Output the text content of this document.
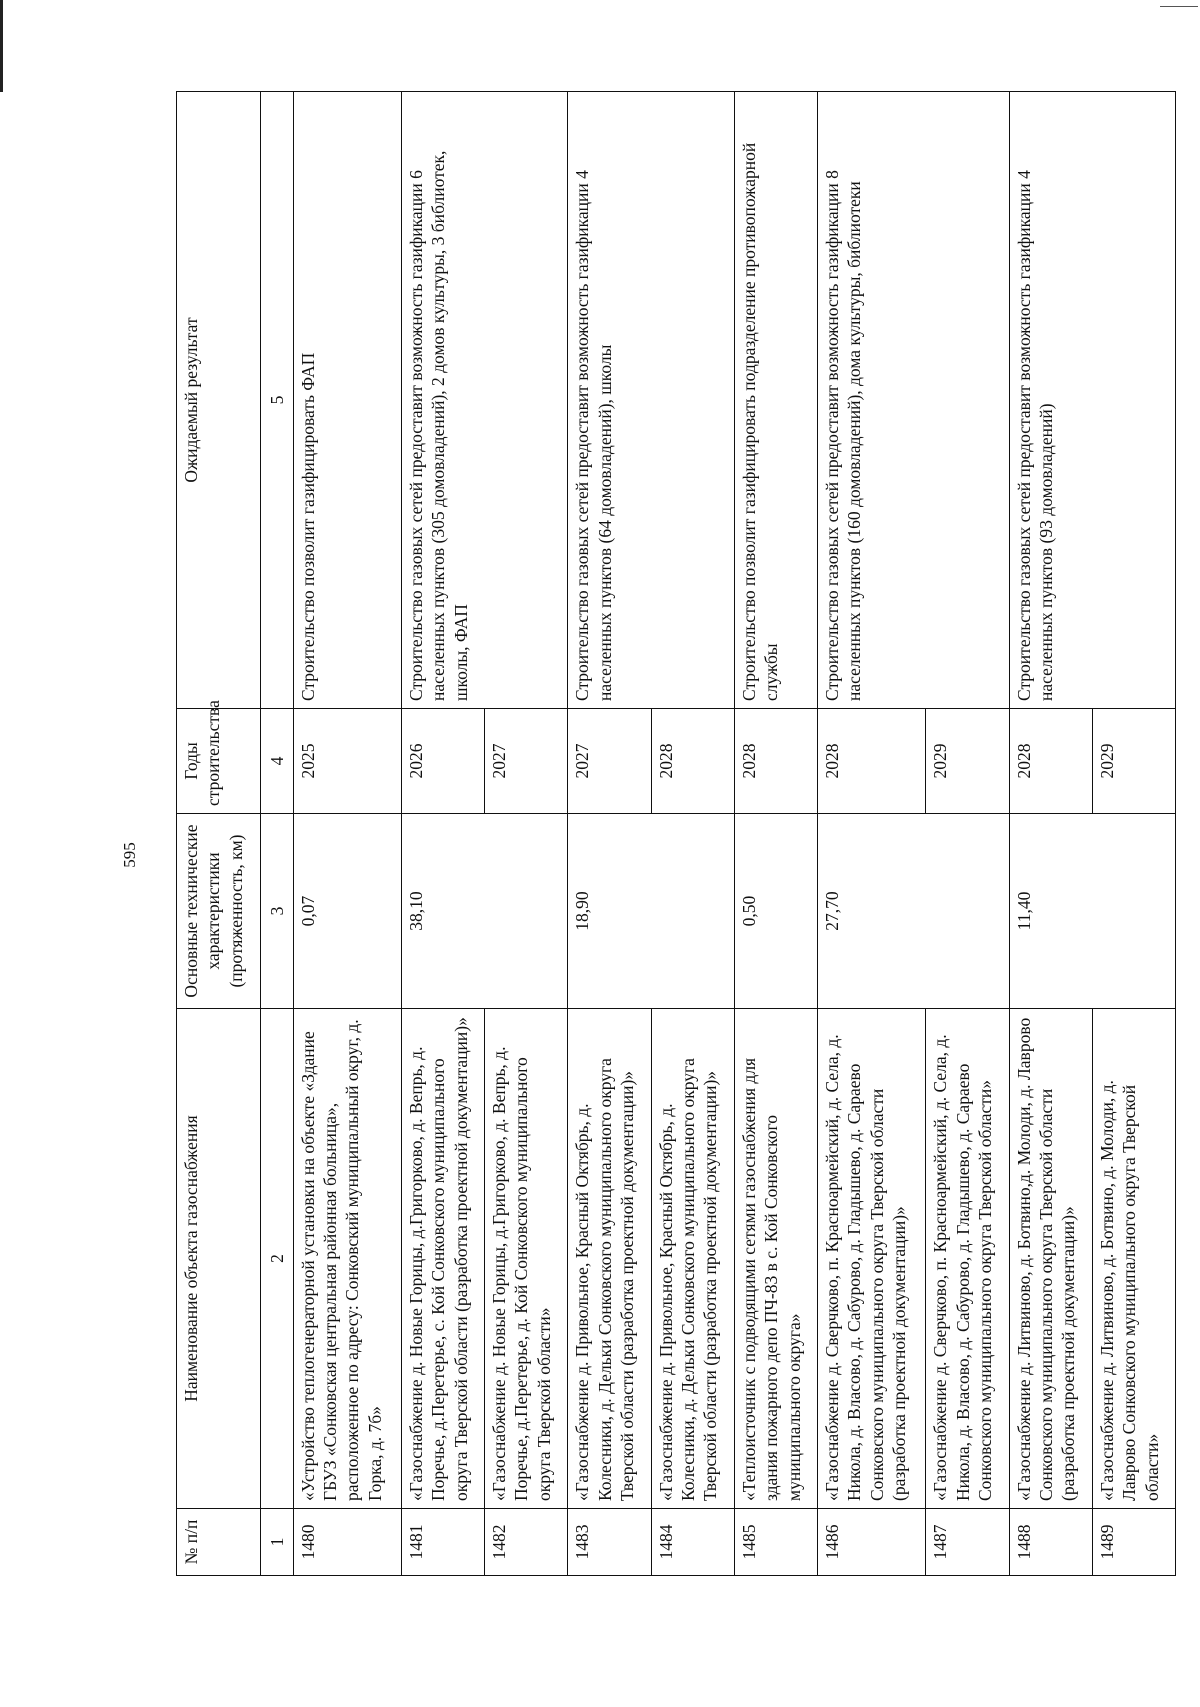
595
№ п/п	Наименование объекта газоснабжения	Основные технические характеристики (протяженность, км)	Годы строительства	Ожидаемый результат
1	2	3	4	5
1480	«Устройство теплогенераторной установки на объекте «Здание ГБУЗ «Сонковская центральная районная больница», расположенное по адресу: Сонковский муниципальный округ, д. Горка, д. 7б»	0,07	2025	Строительство позволит газифицировать ФАП
1481	«Газоснабжение д. Новые Горицы, д.Григорково, д. Вепрь, д. Поречье, д.Перетерье, с. Кой Сонковского муниципального округа Тверской области (разработка проектной документации)»	38,10	2026	Строительство газовых сетей предоставит возможность газификации 6 населенных пунктов (305 домовладений), 2 домов культуры, 3 библиотек, школы, ФАП
1482	«Газоснабжение д. Новые Горицы, д.Григорково, д. Вепрь, д. Поречье, д.Перетерье, д. Кой Сонковского муниципального округа Тверской области»		2027	
1483	«Газоснабжение д. Привольное, Красный Октябрь, д. Колесники, д. Дельки Сонковского муниципального округа Тверской области (разработка проектной документации)»	18,90	2027	Строительство газовых сетей предоставит возможность газификации 4 населенных пунктов (64 домовладений), школы
1484	«Газоснабжение д. Привольное, Красный Октябрь, д. Колесники, д. Дельки Сонковского муниципального округа Тверской области (разработка проектной документации)»		2028	
1485	«Теплоисточник с подводящими сетями газоснабжения для здания пожарного депо ПЧ-83 в с. Кой Сонковского муниципального округа»	0,50	2028	Строительство позволит газифицировать подразделение противопожарной службы
1486	«Газоснабжение д. Сверчково, п. Красноармейский, д. Села, д. Никола, д. Власово, д. Сабурово, д. Гладышево, д. Сараево Сонковского муниципального округа Тверской области (разработка проектной документации)»	27,70	2028	Строительство газовых сетей предоставит возможность газификации 8 населенных пунктов (160 домовладений), дома культуры, библиотеки
1487	«Газоснабжение д. Сверчково, п. Красноармейский, д. Села, д. Никола, д. Власово, д. Сабурово, д. Гладышево, д. Сараево Сонковского муниципального округа Тверской области»		2029	
1488	«Газоснабжение д. Литвиново, д. Ботвино,д. Молоди, д. Лаврово Сонковского муниципального округа Тверской области (разработка проектной документации)»	11,40	2028	Строительство газовых сетей предоставит возможность газификации 4 населенных пунктов (93 домовладений)
1489	«Газоснабжение д. Литвиново, д. Ботвино, д. Молоди, д. Лаврово Сонковского муниципального округа Тверской области»		2029	
